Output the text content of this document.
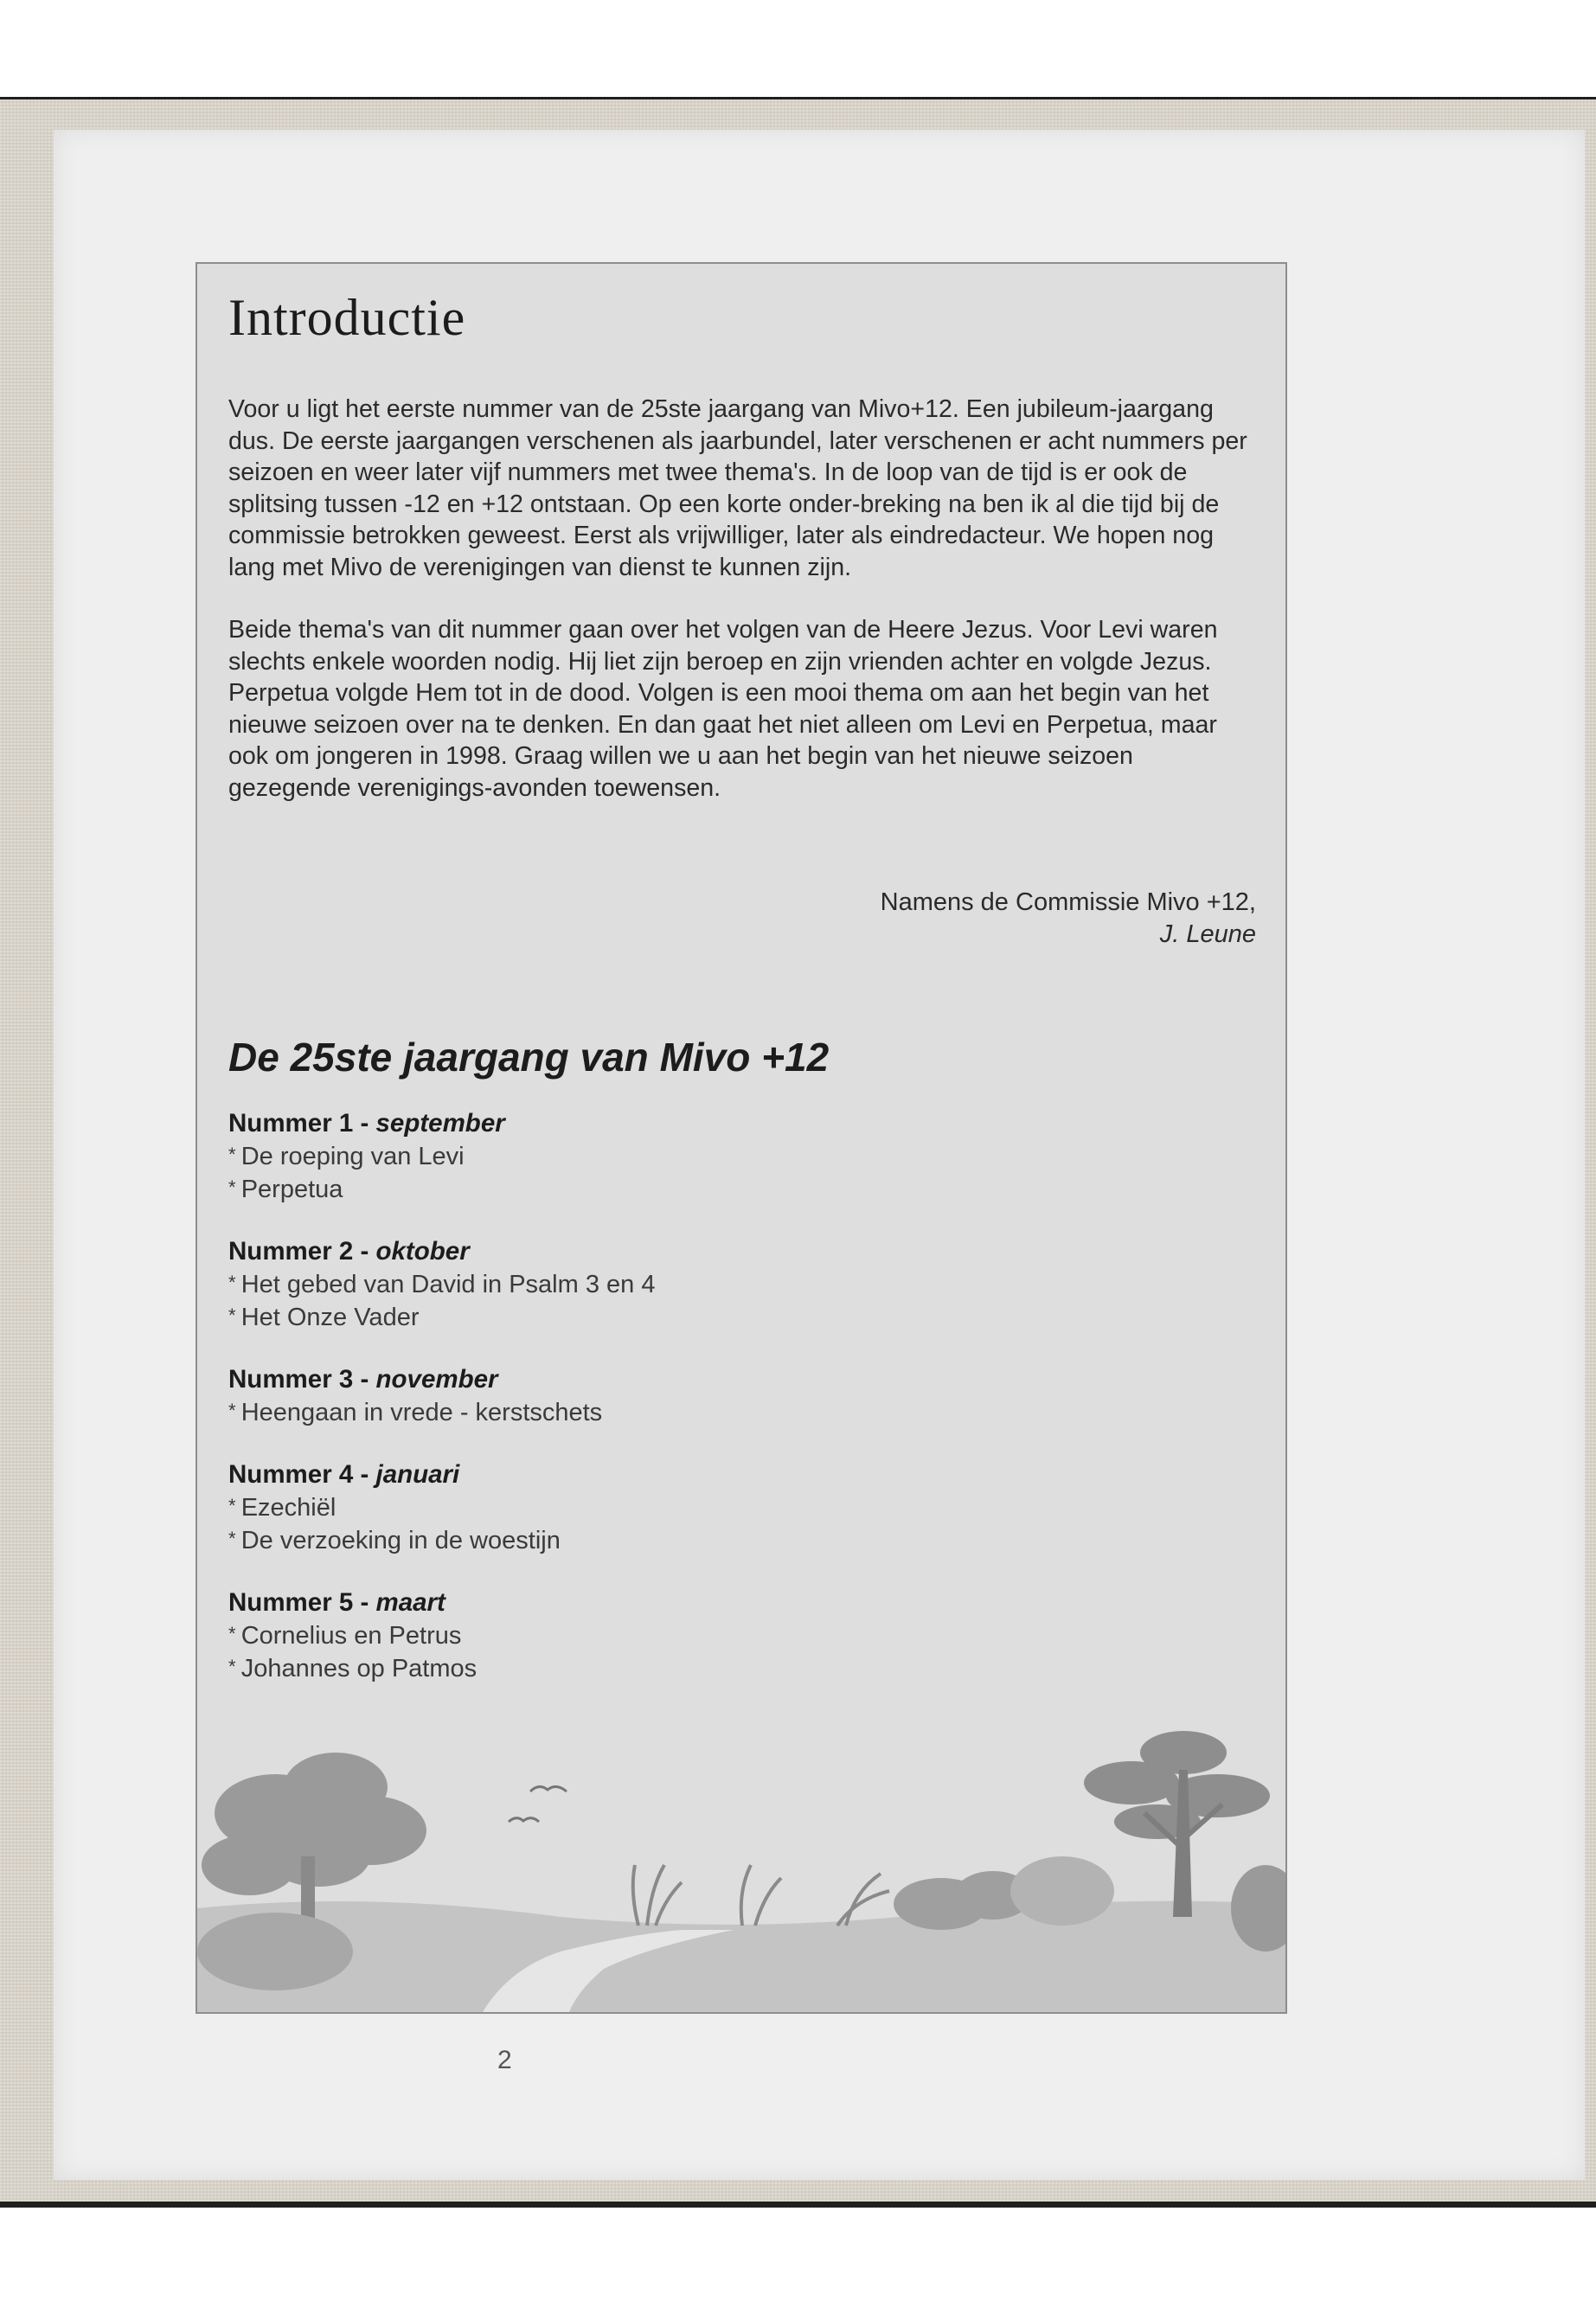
Introductie

Voor u ligt het eerste nummer van de 25ste jaargang van Mivo+12. Een jubileum-jaargang dus. De eerste jaargangen verschenen als jaarbundel, later verschenen er acht nummers per seizoen en weer later vijf nummers met twee thema's. In de loop van de tijd is er ook de splitsing tussen -12 en +12 ontstaan. Op een korte onder-breking na ben ik al die tijd bij de commissie betrokken geweest. Eerst als vrijwilliger, later als eindredacteur. We hopen nog lang met Mivo de verenigingen van dienst te kunnen zijn.

Beide thema's van dit nummer gaan over het volgen van de Heere Jezus. Voor Levi waren slechts enkele woorden nodig. Hij liet zijn beroep en zijn vrienden achter en volgde Jezus. Perpetua volgde Hem tot in de dood. Volgen is een mooi thema om aan het begin van het nieuwe seizoen over na te denken. En dan gaat het niet alleen om Levi en Perpetua, maar ook om jongeren in 1998. Graag willen we u aan het begin van het nieuwe seizoen gezegende verenigings-avonden toewensen.

Namens de Commissie Mivo +12,
J. Leune
De 25ste jaargang van Mivo +12
Nummer 1 - september
* De roeping van Levi
* Perpetua
Nummer 2 - oktober
* Het gebed van David in Psalm 3 en 4
* Het Onze Vader
Nummer 3 - november
* Heengaan in vrede - kerstschets
Nummer 4 - januari
* Ezechiël
* De verzoeking in de woestijn
Nummer 5 - maart
* Cornelius en Petrus
* Johannes op Patmos
2
